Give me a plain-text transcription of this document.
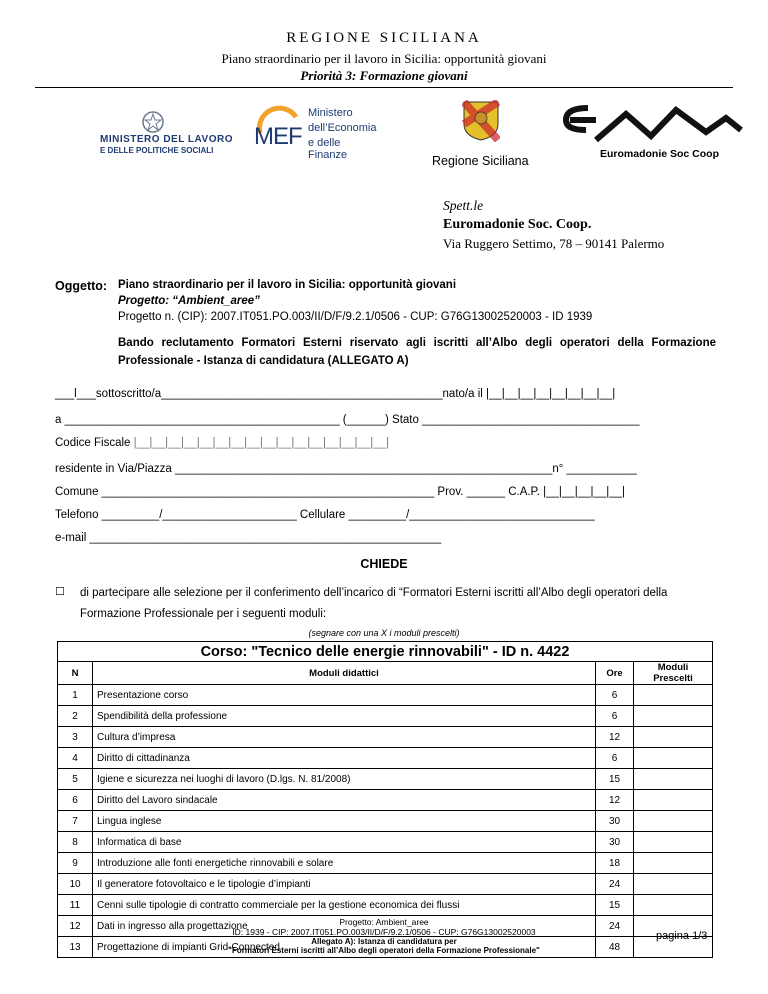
REGIONE SICILIANA
Piano straordinario per il lavoro in Sicilia: opportunità giovani
Priorità 3: Formazione giovani
MINISTERO DEL LAVORO
E DELLE POLITICHE SOCIALI
MEF
Ministero
dell’Economia
e delle Finanze	Euromadonie Soc Coop
Regione Siciliana
Spett.le
Euromadonie Soc. Coop.
Via Ruggero Settimo, 78 – 90141 Palermo
Oggetto: Piano straordinario per il lavoro in Sicilia: opportunità giovani
Progetto: “Ambient_aree”
Progetto n. (CIP): 2007.IT051.PO.003/II/D/F/9.2.1/0506 - CUP: G76G13002520003 - ID 1939
Bando reclutamento Formatori Esterni riservato agli iscritti all’Albo degli operatori della Formazione Professionale - Istanza di candidatura (ALLEGATO A)
___l___sottoscritto/a____________________________________________nato/a il |__|__|__|__|__|__|__|__|
a ___________________________________________ (______) Stato __________________________________
Codice Fiscale |__|__|__|__|__|__|__|__|__|__|__|__|__|__|__|__|
residente in Via/Piazza ___________________________________________________________n° ___________
Comune ____________________________________________________ Prov. ______ C.A.P. |__|__|__|__|__|
Telefono _________/_____________________ Cellulare _________/_____________________________
e-mail _______________________________________________________
CHIEDE
☐ di partecipare alle selezione per il conferimento dell’incarico di “Formatori Esterni iscritti all’Albo degli operatori della Formazione Professionale per i seguenti moduli:
(segnare con una X i moduli prescelti)
Corso: "Tecnico delle energie rinnovabili" - ID n. 4422			
N	Moduli didattici	Ore	Moduli Prescelti
1	Presentazione corso	6	
2	Spendibilità della professione	6	
3	Cultura d’impresa	12	
4	Diritto di cittadinanza	6	
5	Igiene e sicurezza nei luoghi di lavoro (D.lgs. N. 81/2008)	15	
6	Diritto del Lavoro sindacale	12	
7	Lingua inglese	30	
8	Informatica di base	30	
9	Introduzione alle fonti energetiche rinnovabili e solare	18	
10	Il generatore fotovoltaico e le tipologie d’impianti	24	
11	Cenni sulle tipologie di contratto commerciale per la gestione economica dei flussi	15	
12	Dati in ingresso alla progettazione	24	
13	Progettazione di impianti Grid-Connected	48	
Progetto: Ambient_aree
ID: 1939 - CIP: 2007.IT051.PO.003/II/D/F/9.2.1/0506 - CUP: G76G13002520003
Allegato A): Istanza di candidatura per
"Formatori Esterni iscritti all’Albo degli operatori della Formazione Professionale"
pagina 1/3
